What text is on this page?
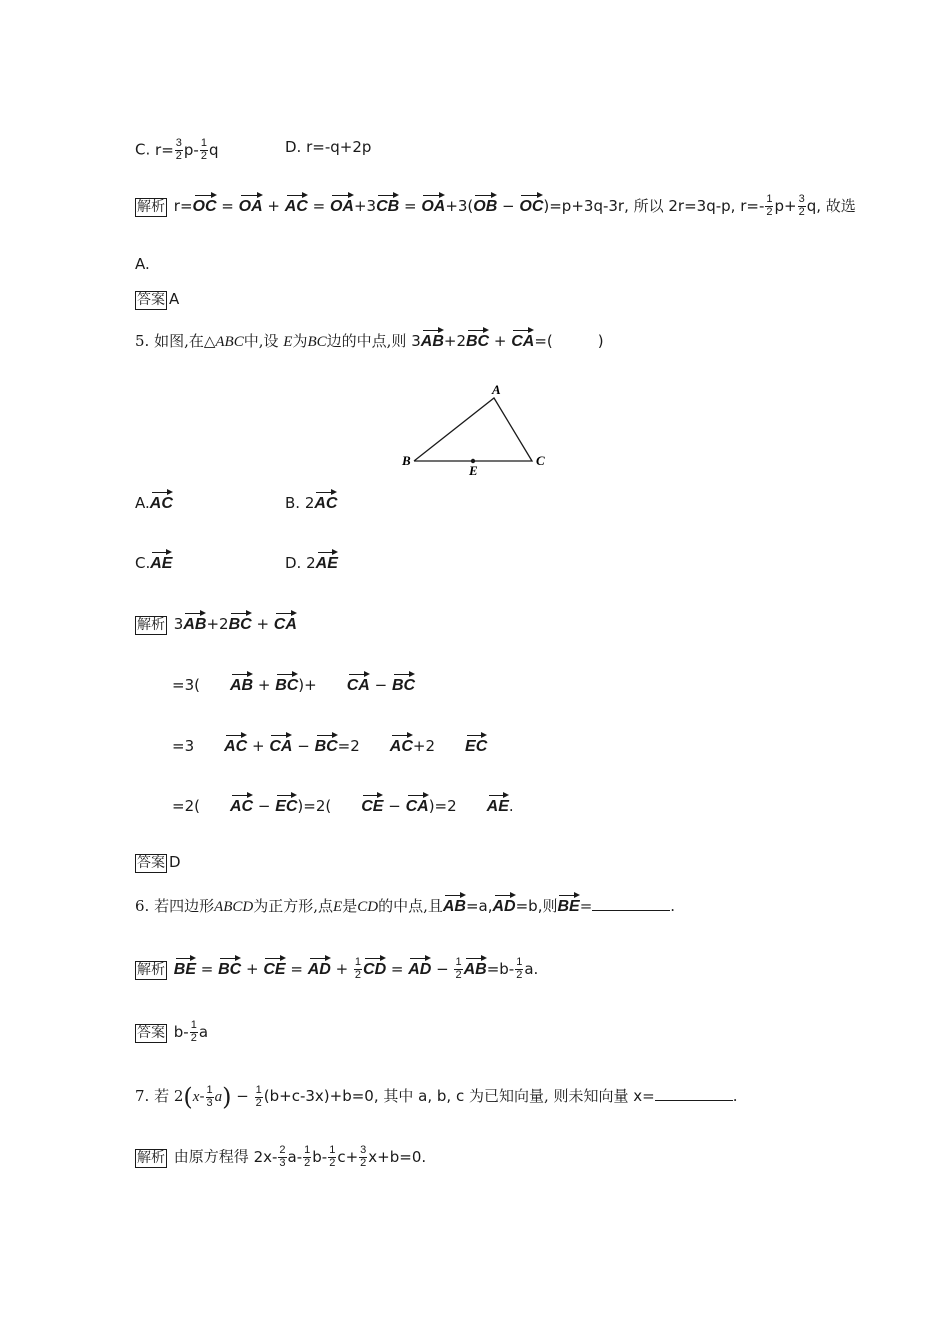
C. $r= \frac{3}{2} p- \frac{1}{2}$ q	D. r=-q+2p
解析 r=OC = OA + AC = OA+3CB = OA+3(OB − OC)=p+3q-3r, 所以 2r=3q-p, $r=- \frac{1}{2} p+ \frac{3}{2} q$, 故选
A.
答案 A
5. 如图,在△ABC中,设 E为BC边的中点,则 3AB+2BC + CA=(　　　)
A
B	C
E
A.AC	B. 2AC
C.AE	D. 2AE
解析 3AB+2BC + CA
=3(　　AB + BC)+　　CA − BC
=3　　AC + CA − BC=2　　AC+2　　EC
=2(　　AC − EC)=2(　　CE − CA)=2　　AE.
答案 D
6. 若四边形ABCD为正方形,点E是CD的中点,且AB=a,AD=b,则BE=	.
解析 BE = BC + CE = AD + $\frac{1}{2}$ CD = AD − $\frac{1}{2} AB=b- \frac{1}{2} a$.
答案 $b- \frac{1}{2}$ a
7. 若 $2(x- \frac{1}{3} a) - \frac{1}{2} (b+c-3x)+b=0$, 其中 a, b, c 为已知向量, 则未知向量 x=	.
解析 由原方程得 $2x- \frac{2}{3} a- \frac{1}{2} b- \frac{1}{2} c+ \frac{3}{2} x+b=0$.
